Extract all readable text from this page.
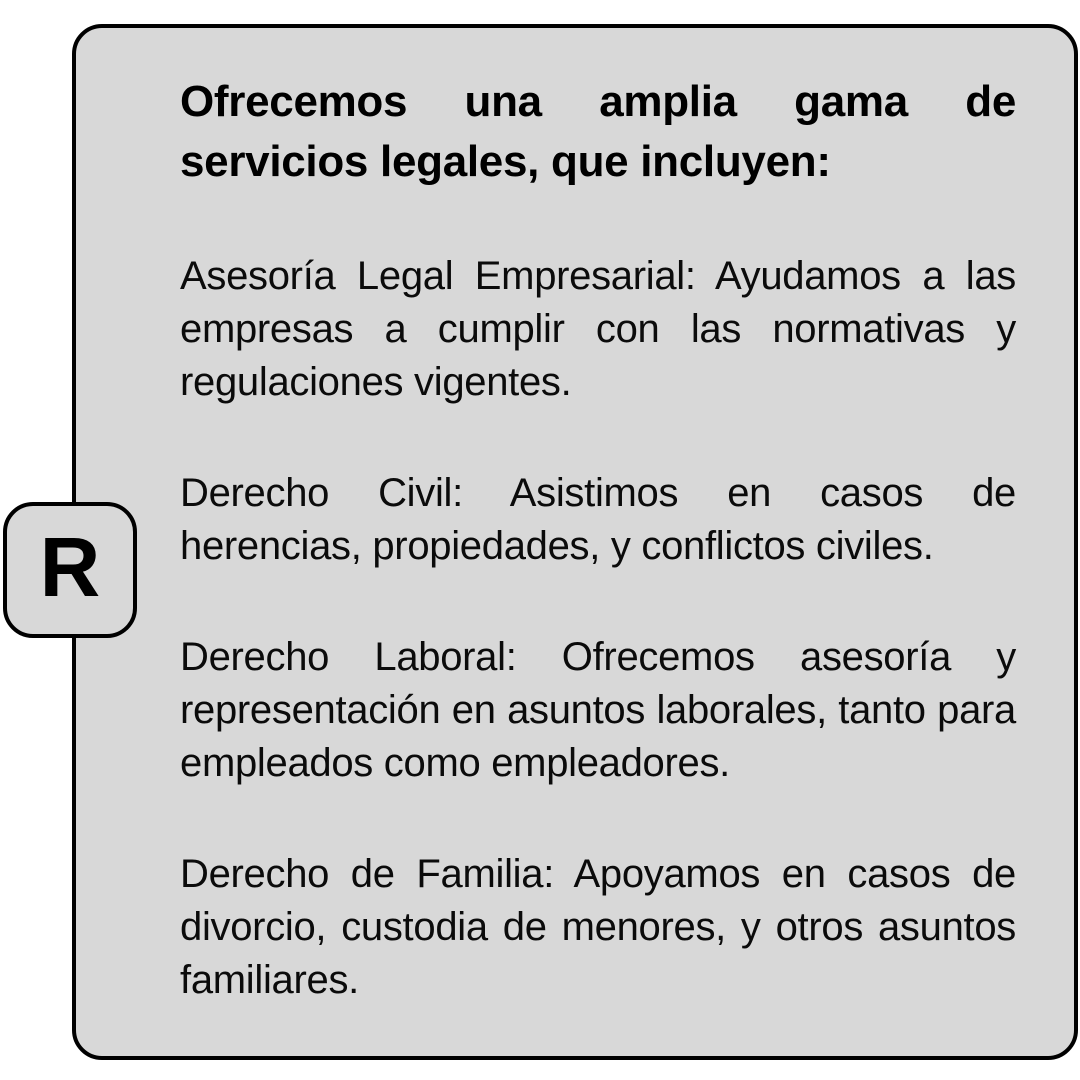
Ofrecemos una amplia gama de servicios legales, que incluyen:

Asesoría Legal Empresarial: Ayudamos a las empresas a cumplir con las normativas y regulaciones vigentes.

Derecho Civil: Asistimos en casos de herencias, propiedades, y conflictos civiles.

Derecho Laboral: Ofrecemos asesoría y representación en asuntos laborales, tanto para empleados como empleadores.

Derecho de Familia: Apoyamos en casos de divorcio, custodia de menores, y otros asuntos familiares.

R
